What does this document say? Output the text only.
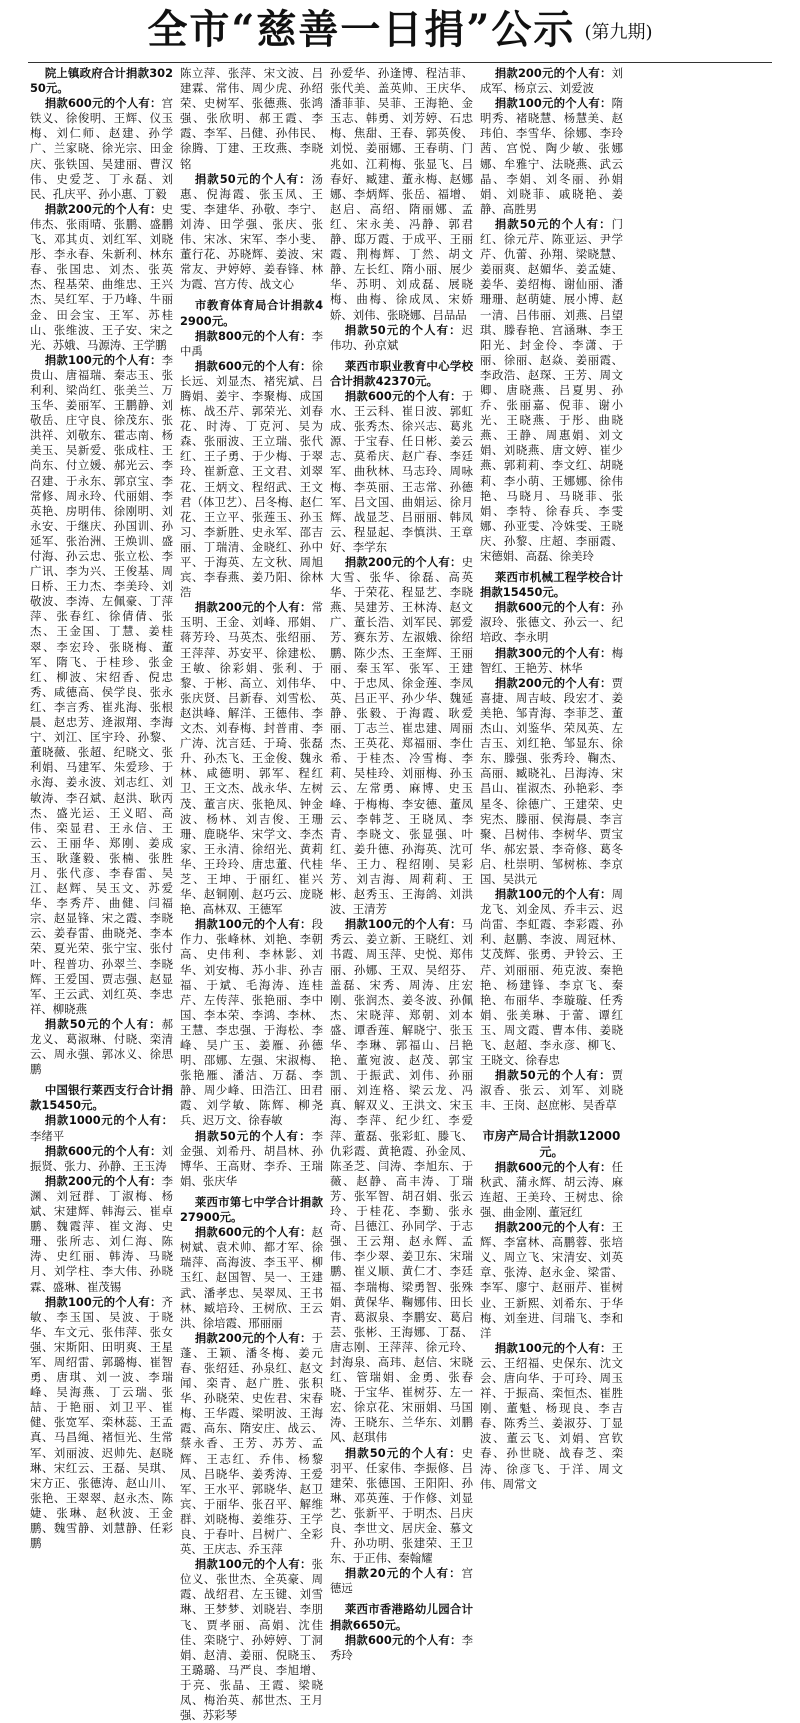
全市“慈善一日捐”公示 (第九期)

院上镇政府合计捐款30250元。

捐款600元的个人有：宫铁义、徐俊明、王辉、仪玉梅、刘仁师、赵建、孙学广、兰家晓、徐光宗、田金庆、张铁国、吴建丽、曹汉伟、史爱芝、丁永磊、刘民、孔庆平、孙小惠、丁毅

捐款200元的个人有：史伟杰、张雨晴、张鹏、盛鹏飞、邓其贞、刘红军、刘晓彤、李永春、朱新利、林东春、张国忠、刘杰、张英杰、程基荣、曲维忠、王兴杰、吴红军、于乃峰、牛丽金、田会宝、王军、苏桂山、张维波、王子安、宋之光、苏娥、马源涛、王学鹏

捐款100元的个人有：李贵山、唐福瑞、秦志玉、张利利、梁尚红、张美兰、万玉华、姜丽军、王鹏静、刘敬岳、庄守良、徐茂东、张洪祥、刘敬东、霍志南、杨美玉、吴新爱、张成柱、王尚东、付立媛、郝光云、李召建、于永东、郭京宝、李常修、周永玲、代丽娟、李英艳、房明伟、徐刚明、刘永安、于继庆、孙国训、孙延军、张治洲、王焕训、盛付海、孙云忠、张立松、李广讯、李为兴、王俊基、周日桥、王力杰、李美玲、刘敬波、李涛、左佩豪、丁萍萍、张春红、徐倩倩、张杰、王金国、丁慧、姜桂翠、李宏玲、张晓梅、董军、隋飞、于桂珍、张金红、柳波、宋绍香、倪忠秀、咸德高、侯学良、张永红、李言秀、崔兆海、张根晨、赵忠芳、逄淑翔、李海宁、刘江、匡宇玲、孙黎、董晓薇、张超、纪晓文、张利娟、马建军、朱爱珍、于永海、姜永波、刘志红、刘敏涛、李召斌、赵洪、耿丙杰、盛光运、王义昭、高伟、栾显君、王永信、王云、王丽华、郑刚、姜成玉、耿蓬毅、张楠、张胜月、张代彦、李春雷、吴江、赵辉、吴玉文、苏爱华、李秀芹、曲健、闫福宗、赵显锋、宋之霞、李晓云、姜春雷、曲晓尧、李本荣、夏光荣、张宁宝、张付叶、程普功、孙翠兰、李晓辉、王爱国、贾志强、赵显军、王云武、刘红英、李忠祥、柳晓燕

捐款50元的个人有：郝龙义、葛淑琳、付晓、栾清云、周永强、郭冰义、徐思鹏

中国银行莱西支行合计捐款15450元。

捐款1000元的个人有：李绪平

捐款600元的个人有：刘振贤、张力、孙静、王玉涛

捐款200元的个人有：李渊、刘冠群、丁淑梅、杨斌、宋建辉、韩海云、崔卓鹏、魏霞萍、崔文海、史珊、张所志、刘仁海、陈涛、史红丽、韩涛、马晓月、刘学柱、李大伟、孙晓霖、盛琳、崔茂锡

捐款100元的个人有：齐敏、李玉国、吴波、于晓华、车文元、张伟萍、张女强、宋斯阳、田明爽、王星军、周绍雷、郭璐梅、崔智勇、唐琪、刘一波、李瑞峰、吴海燕、丁云瑞、张喆、于艳丽、刘卫平、崔健、张宽军、栾林蕊、王孟真、马昌绳、褚恒光、生常军、刘丽波、迟帅先、赵晓琳、宋红云、王磊、吴琪、宋方正、张德涛、赵山川、张艳、王翠翠、赵永杰、陈婕、张琳、赵秋波、王金鹏、魏雪静、刘慧静、任彩鹏

陈立萍、张萍、宋文波、吕建霖、常伟、周少虎、孙绍荣、史树军、张德燕、张鸿强、张欣明、郝王霞、李霞、李军、吕健、孙伟民、徐腾、丁建、王玫燕、李晓铭

捐款50元的个人有：汤惠、倪海霞、张玉凤、王雯、李建华、孙敬、李宁、刘涛、田学强、张庆、张伟、宋冰、宋军、李小斐、董行花、苏晓辉、姜波、宋常友、尹婷婷、姜春锋、林为霞、宫方传、战文心

市教育体育局合计捐款42900元。

捐款800元的个人有：李中禹

捐款600元的个人有：徐长远、刘显杰、褚宪斌、吕腾娟、姜宇、李聚梅、成国栋、战丕芹、郭荣光、刘春花、时涛、丁克河、吴为森、张丽波、王立瑞、张代红、王子勇、于少梅、于翠玲、崔新意、王文君、刘翠花、王炳文、程绍武、王文君（体卫艺）、吕冬梅、赵仁花、王立平、张莲玉、孙玉习、李新胜、史永军、邵吉丽、丁瑞清、金晓红、孙中平、于海英、左文秋、周旭宾、李春燕、姜乃阳、徐林浩

捐款200元的个人有：常玉明、王金、刘峰、邢娟、蒋芳玲、马英杰、张绍丽、王萍萍、苏安平、徐建松、王敏、徐彩娟、张利、于黎、于彬、高立、刘伟华、张庆贤、吕新春、刘雪松、赵洪峰、解洋、王德伟、李文杰、刘春梅、封普甫、李广涛、沈言廷、于琦、张磊升、孙杰飞、王金俊、魏永林、咸德明、郭军、程红卫、王文杰、战永华、左树茂、董言庆、张艳凤、钟金波、杨林、刘吉俊、王珊珊、鹿晓华、宋学文、李杰家、王永清、徐绍光、黄莉华、王玲玲、唐忠董、代桂芝、王坤、于丽红、崔兴华、赵铜刚、赵巧云、庞晓艳、高林双、王德军

捐款100元的个人有：段作力、张峰林、刘艳、李朝高、史伟利、李林影、刘华、刘安梅、苏小非、孙吉福、于斌、毛海涛、连桂芹、左传萍、张艳丽、李中国、李本荣、李鸿、李林、王慧、李忠强、于海松、李峰、吴广玉、姜雁、孙德明、邵娜、左强、宋淑梅、张艳雁、潘洁、万磊、李静、周少峰、田浩江、田君霞、刘学敏、陈辉、柳尧兵、迟万文、徐春敏

捐款50元的个人有：李金强、刘希丹、胡昌林、孙博华、王高财、李乔、王瑞娟、张庆华

莱西市第七中学合计捐款27900元。

捐款600元的个人有：赵树斌、袁术帅、都才军、徐瑞萍、高海波、李玉平、柳玉红、赵国智、吴一、王建武、潘孝忠、吴翠凤、王书林、臧培玲、王树欣、王云洪、徐培霞、邢丽丽

捐款200元的个人有：于蓬、王颖、潘冬梅、姜元春、张绍廷、孙泉红、赵文闻、栾青、赵广胜、张积华、孙晓荣、史佐君、宋春梅、王华霞、梁明波、王海霞、高东、隋安庄、战云、蔡永香、王芳、苏芳、孟辉、王志红、乔伟、杨黎凤、吕晓华、姜秀涛、王爱军、王水平、郭晓华、赵卫宾、于丽华、张召平、解维群、刘晓梅、姜维芬、王学良、于春叶、吕树广、全彩英、王庆志、乔玉萍

捐款100元的个人有：张位义、张世杰、全英豪、周霞、战绍君、左玉键、刘雪琳、王梦梦、刘晓岩、李朋飞、贾孝丽、高娟、沈佳佳、栾晓宁、孙婷婷、丁洞娟、赵清、姜丽、倪晓玉、王璐璐、马严良、李旭增、于亮、张晶、王霞、梁晓凤、梅治英、郝世杰、王月强、苏彩琴

孙爱华、孙逢博、程洁菲、张代美、盖英帅、王庆华、潘菲菲、吴菲、王海艳、金玉志、韩勇、刘芳婷、石忠梅、焦甜、王春、郭英俊、刘悦、姜丽娜、王春萌、门兆如、江莉梅、张显飞、吕春好、臧建、董永梅、赵娜娜、李炳辉、张岳、福增、赵启、高绍、隋丽娜、孟红、宋永美、冯静、郭君静、邸万霞、于成平、王丽霞、荆梅辉、丁然、胡文静、左长红、隋小丽、展少华、苏明、刘成磊、展晓梅、曲梅、徐成凤、宋娇娇、刘伟、张晓娜、吕品品

捐款50元的个人有：迟伟功、孙京斌

莱西市职业教育中心学校合计捐款42370元。

捐款600元的个人有：于水、王云科、崔日波、郭虹成、张秀杰、徐兴志、葛兆源、于宝春、任日彬、姜云志、莫希庆、赵广春、李廷军、曲秋林、马志玲、周咏梅、李英丽、王志常、孙德军、吕文国、曲娟运、徐月辉、战显芝、吕丽丽、韩凤云、程显起、李慎洪、王章好、李学东

捐款200元的个人有：史大雪、张华、徐磊、高英华、于荣花、程显艺、李晓燕、吴建芳、王林涛、赵文广、董长浩、刘军民、郭爱芳、赛东芳、左淑娥、徐绍鹏、陈少杰、王奎辉、王丽丽、秦玉军、张军、王建中、于忠凤、徐金莲、李凤英、吕正平、孙少华、魏延静、张毅、于海霞、耿爱丽、丁志兰、崔忠建、周丽杰、王英花、郑福丽、李仕希、于桂杰、冷雪梅、李莉、吴桂玲、刘丽梅、孙玉云、左常勇、麻博、史玉峰、于梅梅、李安德、董凤云、李韩芝、王晓凤、李青、李晓文、张显强、叶红、姜升德、孙海英、沈可华、王力、程绍刚、吴彩芳、刘吉海、周莉莉、王彬、赵秀玉、王海鸽、刘洪波、王清芳

捐款100元的个人有：马秀云、姜立新、王晓红、刘书霞、周玉萍、史悦、郑伟丽、孙娜、王双、吴绍芬、盖磊、宋秀、周涛、庄宏刚、张润杰、姜冬波、孙佩杰、宋晓萍、郑朝、刘本盛、谭香莲、解晓宁、张玉华、李琳、郭福山、吕艳艳、董宛波、赵茂、郭宝凯、于振武、刘伟、孙丽丽、刘连格、梁云龙、冯真、解双义、王洪文、宋玉海、李萍、纪少红、李爱萍、董磊、张彩虹、滕飞、仇彩霞、黄艳霞、孙金凤、陈圣芝、闫涛、李旭东、于薇、赵静、高丰涛、丁瑞芳、张军智、胡召娟、张云玲、于桂花、李勤、张永奇、吕德江、孙同学、于志强、王云翔、赵永辉、孟伟、李少翠、姜卫东、宋瑞鹏、崔义顺、黄仁才、李廷福、李瑞梅、梁勇智、张殊娟、黄保华、鞠娜伟、田长青、葛淑泉、李鹏安、葛启芸、张彬、王海娜、丁磊、唐志刚、王萍萍、徐元玲、封海泉、高玮、赵信、宋晓红、管瑞娟、金勇、张春晓、于宝华、崔树芬、左一宏、徐京花、宋丽娟、马国涛、王晓东、兰华东、刘鹏风、赵琪伟

捐款50元的个人有：史羽平、任家伟、李振修、吕建荣、张德国、王阳阳、孙琳、邓英莲、于作修、刘显艺、张新平、于明杰、吕庆良、李世文、居庆金、慕文升、孙功明、张建荣、王卫东、于正伟、秦翰耀

捐款20元的个人有：宫德远

莱西市香港路幼儿园合计捐款6650元。

捐款600元的个人有：李秀玲

捐款200元的个人有：刘成军、杨京云、刘爱波

捐款100元的个人有：隋明秀、褚晓慧、杨慧美、赵玮伯、李雪华、徐娜、李玲茜、宫悦、陶少敏、张娜娜、牟雅宁、法晓燕、武云晶、李娟、刘冬丽、孙娟娟、刘晓菲、戚晓艳、姜静、高胜男

捐款50元的个人有：门红、徐元芹、陈亚运、尹学芹、仇蕾、孙翔、梁晓慧、姜丽爽、赵媚华、姜孟婕、姜华、姜绍梅、谢仙丽、潘珊珊、赵萌婕、展小博、赵一清、吕伟丽、刘燕、吕望琪、滕春艳、宫涵琳、李王阳光、封金伶、李潇、于丽、徐丽、赵焱、姜丽霞、李政浩、赵琛、王芳、周文卿、唐晓燕、吕夏男、孙乔、张丽嘉、倪菲、谢小光、王晓燕、于彤、曲晓燕、王静、周惠娟、刘文娟、刘晓燕、唐文婷、崔少燕、郭莉莉、李文红、胡晓莉、李小萌、王娜娜、徐伟艳、马晓月、马晓菲、张娟、李特、徐春兵、李雯娜、孙亚雯、冷姝雯、王晓庆、孙黎、庄超、李丽霞、宋德娟、高磊、徐美玲

莱西市机械工程学校合计捐款15450元。

捐款600元的个人有：孙淑玲、张德文、孙云一、纪培政、李永明

捐款300元的个人有：梅智红、王艳芳、林华

捐款200元的个人有：贾喜捷、周吉岐、段宏才、姜美艳、邹青海、李菲芝、董杰山、刘鉴华、荣凤英、左吉玉、刘红艳、邹显东、徐东、滕强、张秀玲、鞠杰、高丽、臧晓礼、吕海涛、宋昌山、崔淑杰、孙艳彩、李星冬、徐德广、王建荣、史宪杰、滕丽、侯海晨、李言聚、吕树伟、李树华、贾宝华、郝宏景、李奇修、葛冬启、杜崇明、邹树栋、李京国、吴洪元

捐款100元的个人有：周龙飞、刘金凤、乔丰云、迟尚雷、李虹霞、李彩霞、孙利、赵鹏、李波、周冠林、艾茂辉、张勇、尹铃云、王芹、刘丽丽、苑克波、秦艳艳、杨建锋、李京飞、秦艳、布丽华、李璇璇、任秀娟、张美琳、于蕾、谭红玉、周文霞、曹本伟、姜晓飞、赵超、李永彦、柳飞、王晓文、徐春忠

捐款50元的个人有：贾淑香、张云、刘军、刘晓丰、王岗、赵庶彬、吴香草

市房产局合计捐款12000元。

捐款600元的个人有：任秋武、蒲永辉、胡云涛、麻连超、王美玲、王树忠、徐强、曲金刚、董冠红

捐款200元的个人有：王辉、李富林、高鹏蓉、张培义、周立飞、宋清安、刘英章、张涛、赵永金、梁雷、李军、廖宁、赵丽芹、崔树业、王新熙、刘希东、于华梅、刘奎进、闫瑞飞、李和洋

捐款100元的个人有：王云、王绍福、史保东、沈文会、唐向华、于可玲、周玉祥、于振高、栾恒杰、崔胜刚、董魁、杨现良、李吉春、陈秀兰、姜淑芬、丁显波、董云飞、刘娟、宫钦春、孙世晓、战春芝、栾涛、徐彦飞、于洋、周文伟、周常文
